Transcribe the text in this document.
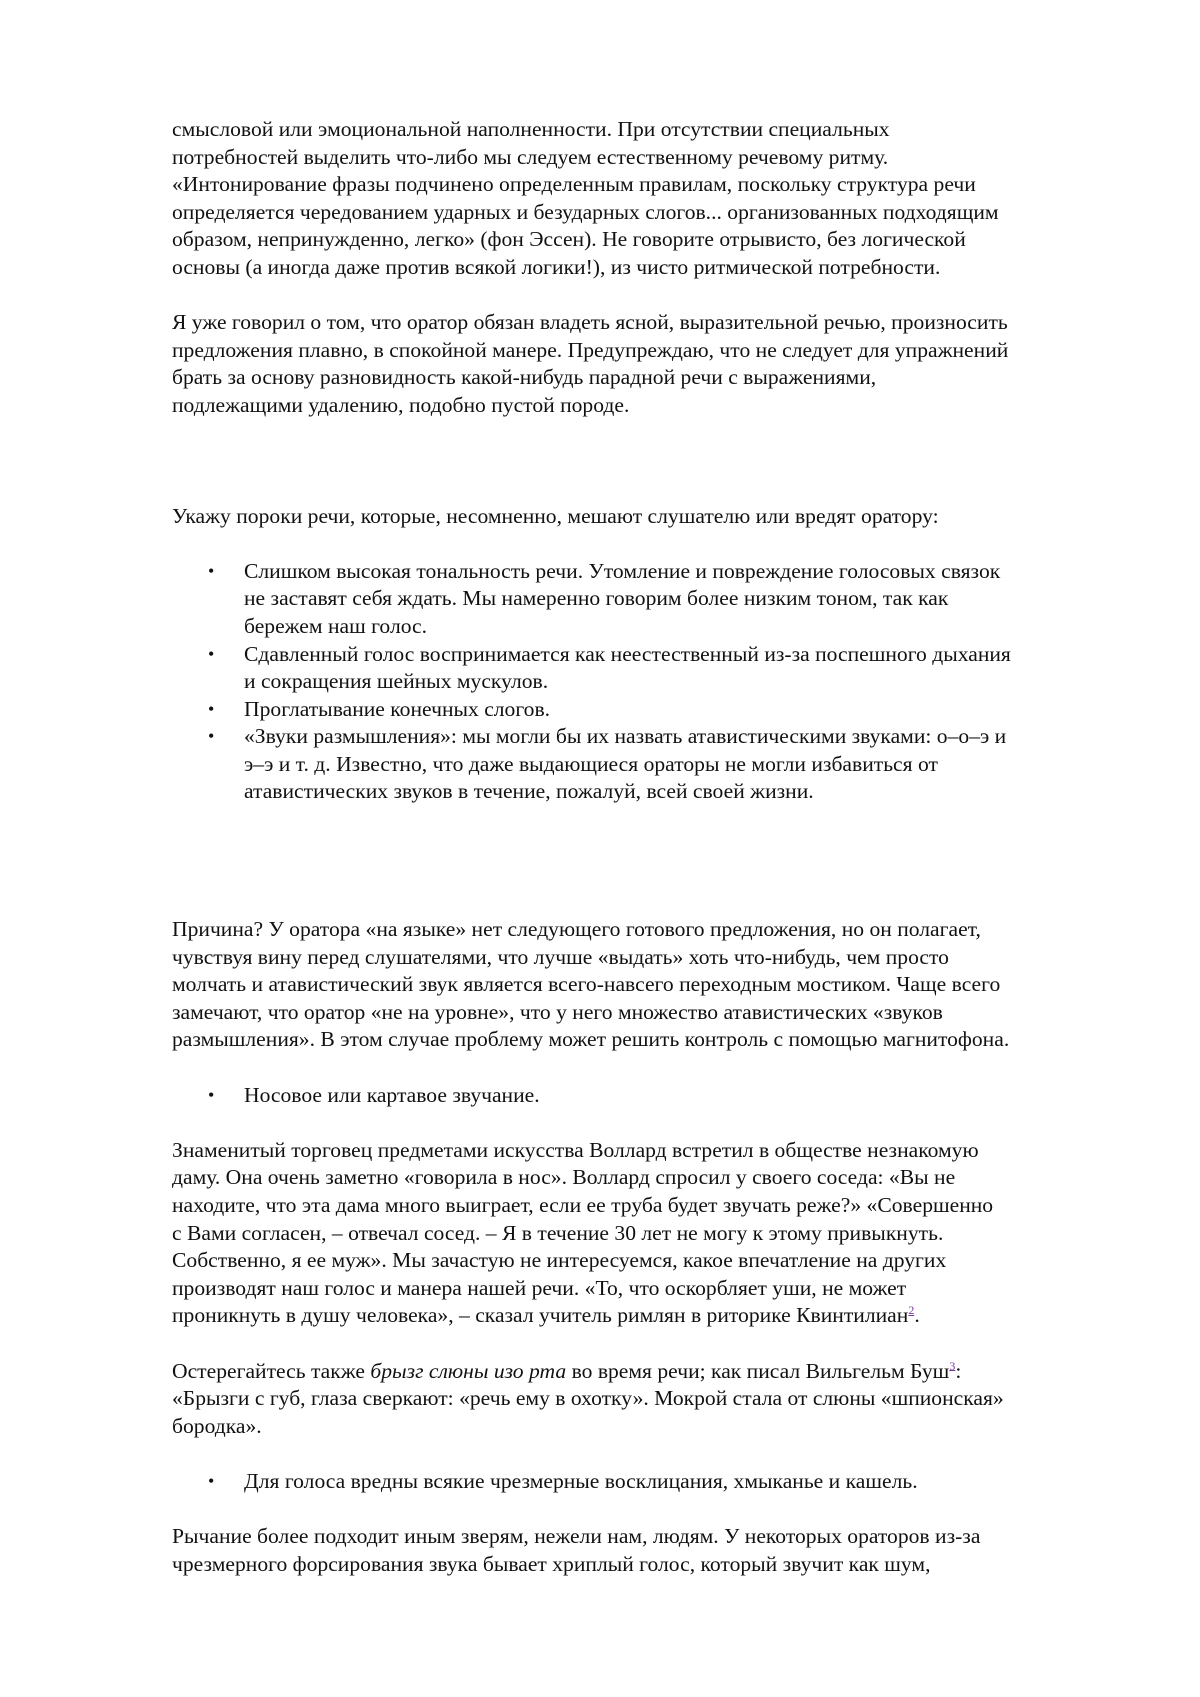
смысловой или эмоциональной наполненности. При отсутствии специальных
потребностей выделить что-либо мы следуем естественному речевому ритму.
«Интонирование фразы подчинено определенным правилам, поскольку структура речи
определяется чередованием ударных и безударных слогов... организованных подходящим
образом, непринужденно, легко» (фон Эссен). Не говорите отрывисто, без логической
основы (а иногда даже против всякой логики!), из чисто ритмической потребности.

Я уже говорил о том, что оратор обязан владеть ясной, выразительной речью, произносить
предложения плавно, в спокойной манере. Предупреждаю, что не следует для упражнений
брать за основу разновидность какой-нибудь парадной речи с выражениями,
подлежащими удалению, подобно пустой породе.

Укажу пороки речи, которые, несомненно, мешают слушателю или вредят оратору:

• Слишком высокая тональность речи. Утомление и повреждение голосовых связок
не заставят себя ждать. Мы намеренно говорим более низким тоном, так как
бережем наш голос.
• Сдавленный голос воспринимается как неестественный из-за поспешного дыхания
и сокращения шейных мускулов.
• Проглатывание конечных слогов.
• «Звуки размышления»: мы могли бы их назвать атавистическими звуками: о–о–э и
э–э и т. д. Известно, что даже выдающиеся ораторы не могли избавиться от
атавистических звуков в течение, пожалуй, всей своей жизни.

Причина? У оратора «на языке» нет следующего готового предложения, но он полагает,
чувствуя вину перед слушателями, что лучше «выдать» хоть что-нибудь, чем просто
молчать и атавистический звук является всего-навсего переходным мостиком. Чаще всего
замечают, что оратор «не на уровне», что у него множество атавистических «звуков
размышления». В этом случае проблему может решить контроль с помощью магнитофона.

• Носовое или картавое звучание.

Знаменитый торговец предметами искусства Воллард встретил в обществе незнакомую
даму. Она очень заметно «говорила в нос». Воллард спросил у своего соседа: «Вы не
находите, что эта дама много выиграет, если ее труба будет звучать реже?» «Совершенно
с Вами согласен, – отвечал сосед. – Я в течение 30 лет не могу к этому привыкнуть.
Собственно, я ее муж». Мы зачастую не интересуемся, какое впечатление на других
производят наш голос и манера нашей речи. «То, что оскорбляет уши, не может
проникнуть в душу человека», – сказал учитель римлян в риторике Квинтилиан$^2$.

Остерегайтесь также брызг слюны изо рта во время речи; как писал Вильгельм Буш$^3$:
«Брызги с губ, глаза сверкают: «речь ему в охотку». Мокрой стала от слюны «шпионская»
бородка».

• Для голоса вредны всякие чрезмерные восклицания, хмыканье и кашель.

Рычание более подходит иным зверям, нежели нам, людям. У некоторых ораторов из-за
чрезмерного форсирования звука бывает хриплый голос, который звучит как шум,
